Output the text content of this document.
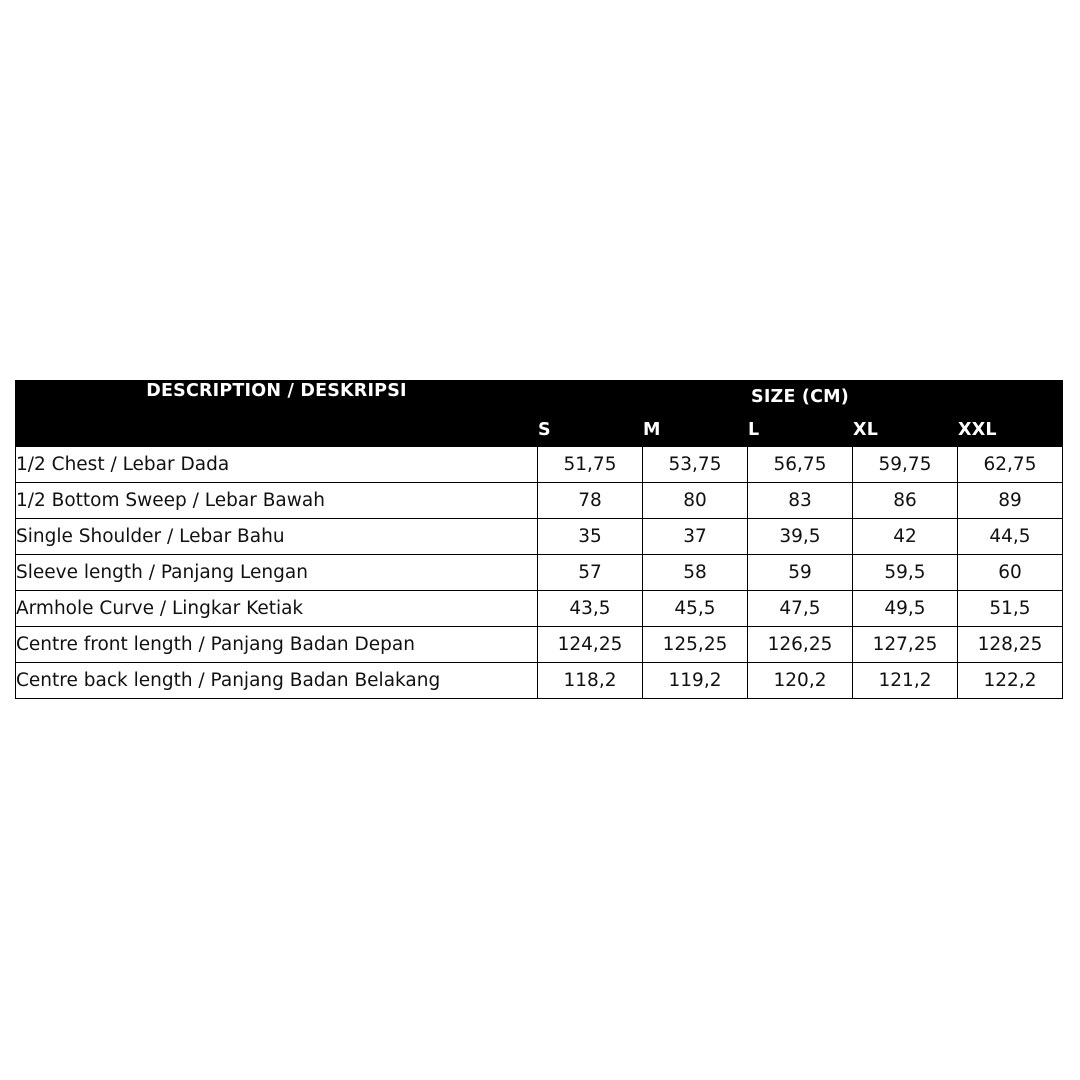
DESCRIPTION / DESKRIPSI	SIZE (CM)				
	S	M	L	XL	XXL
1/2 Chest / Lebar Dada	51,75	53,75	56,75	59,75	62,75
1/2 Bottom Sweep / Lebar Bawah	78	80	83	86	89
Single Shoulder / Lebar Bahu	35	37	39,5	42	44,5
Sleeve length / Panjang Lengan	57	58	59	59,5	60
Armhole Curve / Lingkar Ketiak	43,5	45,5	47,5	49,5	51,5
Centre front length / Panjang Badan Depan	124,25	125,25	126,25	127,25	128,25
Centre back length / Panjang Badan Belakang	118,2	119,2	120,2	121,2	122,2
